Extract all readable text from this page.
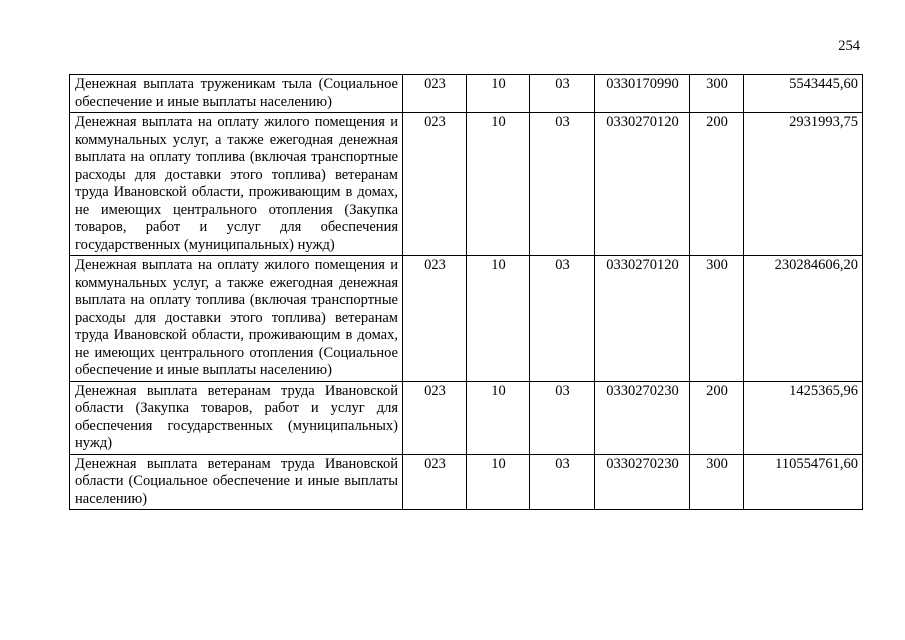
254
Денежная выплата труженикам тыла (Социальное обеспечение и иные выплаты населению)	023	10	03	0330170990	300	5543445,60
Денежная выплата на оплату жилого помещения и коммунальных услуг, а также ежегодная денежная выплата на оплату топлива (включая транспортные расходы для доставки этого топлива) ветеранам труда Ивановской области, проживающим в домах, не имеющих центрального отопления (Закупка товаров, работ и услуг для обеспечения государственных (муниципальных) нужд)	023	10	03	0330270120	200	2931993,75
Денежная выплата на оплату жилого помещения и коммунальных услуг, а также ежегодная денежная выплата на оплату топлива (включая транспортные расходы для доставки этого топлива) ветеранам труда Ивановской области, проживающим в домах, не имеющих центрального отопления (Социальное обеспечение и иные выплаты населению)	023	10	03	0330270120	300	230284606,20
Денежная выплата ветеранам труда Ивановской области (Закупка товаров, работ и услуг для обеспечения государственных (муниципальных) нужд)	023	10	03	0330270230	200	1425365,96
Денежная выплата ветеранам труда Ивановской области (Социальное обеспечение и иные выплаты населению)	023	10	03	0330270230	300	110554761,60
